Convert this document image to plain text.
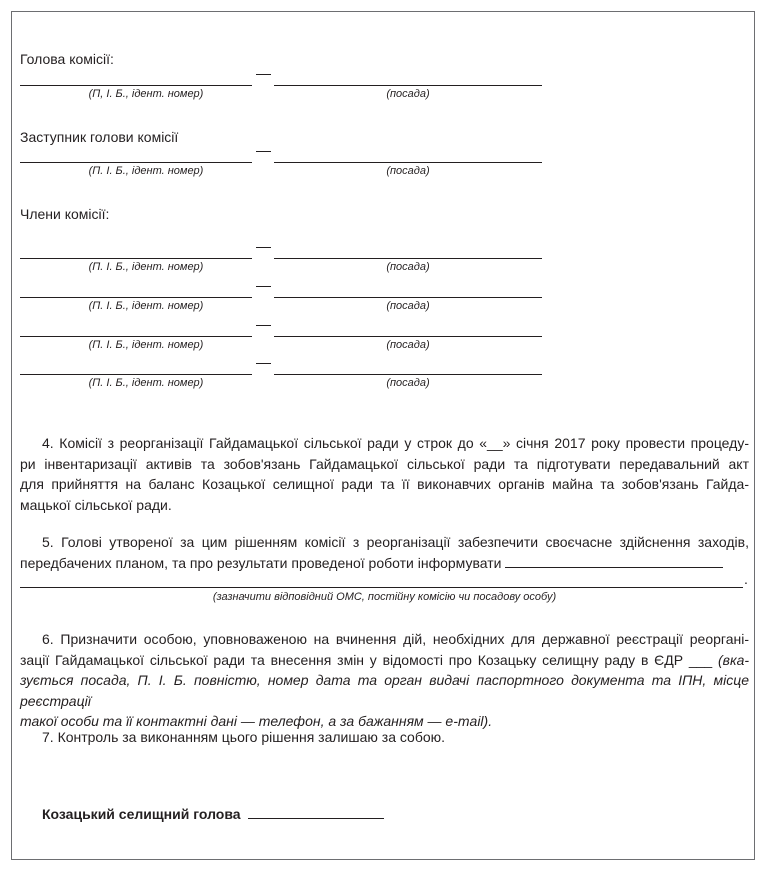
Голова комісії:
(П, І. Б., ідент. номер)	(посада)
Заступник голови комісії
(П. І. Б., ідент. номер)	(посада)
Члени комісії:
(П. І. Б., ідент. номер)	(посада)
(П. І. Б., ідент. номер)	(посада)
(П. І. Б., ідент. номер)	(посада)
(П. І. Б., ідент. номер)	(посада)
4. Комісії з реорганізації Гайдамацької сільської ради у строк до «__» січня 2017 року провести процеду-
ри інвентаризації активів та зобов'язань Гайдамацької сільської ради та підготувати передавальний акт
для прийняття на баланс Козацької селищної ради та її виконавчих органів майна та зобов'язань Гайда-
мацької сільської ради.
5. Голові утвореної за цим рішенням комісії з реорганізації забезпечити своєчасне здійснення заходів,
передбачених планом, та про результати проведеної роботи інформувати
.
(зазначити відповідний ОМС, постійну комісію чи посадову особу)
6. Призначити особою, уповноваженою на вчинення дій, необхідних для державної реєстрації реоргані-
зації Гайдамацької сільської ради та внесення змін у відомості про Козацьку селищну раду в ЄДР ___ (вка-
зується посада, П. І. Б. повністю, номер дата та орган видачі паспортного документа та ІПН, місце реєстрації
такої особи та її контактні дані — телефон, а за бажанням — e-mail).
7. Контроль за виконанням цього рішення залишаю за собою.
Козацький селищний голова
